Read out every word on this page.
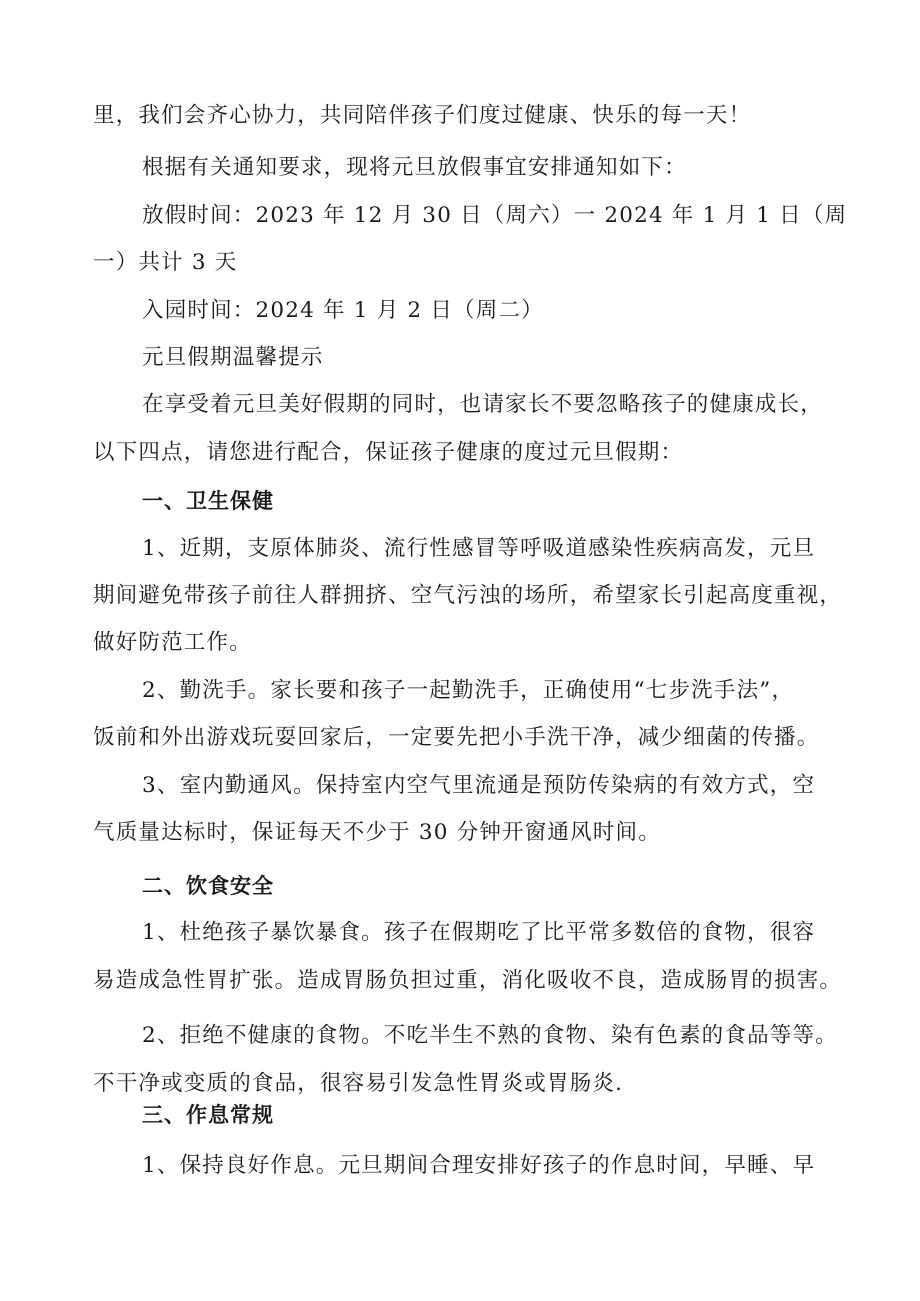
里，我们会齐心协力，共同陪伴孩子们度过健康、快乐的每一天！
根据有关通知要求，现将元旦放假事宜安排通知如下：
放假时间：2023 年 12 月 30 日（周六）一 2024 年 1 月 1 日（周
一）共计 3 天
入园时间：2024 年 1 月 2 日（周二）
元旦假期温馨提示
在享受着元旦美好假期的同时，也请家长不要忽略孩子的健康成长，
以下四点，请您进行配合，保证孩子健康的度过元旦假期：
一、卫生保健
1、近期，支原体肺炎、流行性感冒等呼吸道感染性疾病高发，元旦
期间避免带孩子前往人群拥挤、空气污浊的场所，希望家长引起高度重视，
做好防范工作。
2、勤洗手。家长要和孩子一起勤洗手，正确使用“七步洗手法”，
饭前和外出游戏玩耍回家后，一定要先把小手洗干净，减少细菌的传播。
3、室内勤通风。保持室内空气里流通是预防传染病的有效方式，空
气质量达标时，保证每天不少于 30 分钟开窗通风时间。
二、饮食安全
1、杜绝孩子暴饮暴食。孩子在假期吃了比平常多数倍的食物，很容
易造成急性胃扩张。造成胃肠负担过重，消化吸收不良，造成肠胃的损害。
2、拒绝不健康的食物。不吃半生不熟的食物、染有色素的食品等等。
不干净或变质的食品，很容易引发急性胃炎或胃肠炎.
三、作息常规
1、保持良好作息。元旦期间合理安排好孩子的作息时间，早睡、早
